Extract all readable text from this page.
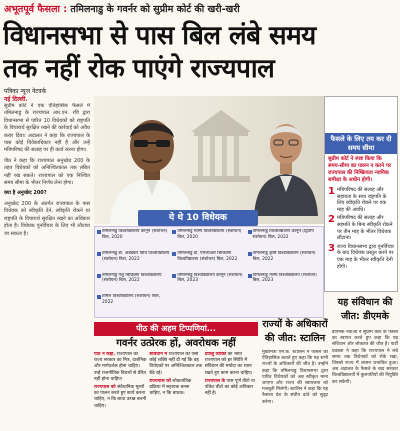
अभूतपूर्व फैसला : तमिलनाडु के गवर्नर को सुप्रीम कोर्ट की खरी-खरी
विधानसभा से पास बिल लंबे समय
तक नहीं रोक पाएंगे राज्यपाल
पत्रिका न्यूज नेटवर्क
नई दिल्ली.

सुप्रीम कोर्ट ने एक ऐतिहासिक फैसले में तमिलनाडु के राज्यपाल आर.एन. रवि द्वारा विधानसभा से पारित 10 विधेयकों को राष्ट्रपति के विचारार्थ सुरक्षित रखने की कार्रवाई को अवैध करार दिया। अदालत ने कहा कि राज्यपाल के पास कोई विवेकाधिकार नहीं है और उन्हें मंत्रिपरिषद की सलाह पर ही कार्य करना होगा।

पीठ ने कहा कि राज्यपाल अनुच्छेद 200 के तहत विधेयकों को अनिश्चितकाल तक लंबित नहीं रख सकते। राज्यपाल को एक निश्चित समय सीमा के भीतर निर्णय लेना होगा।

क्या है अनुच्छेद 200?

अनुच्छेद 200 के अंतर्गत राज्यपाल के पास विधेयक को स्वीकृति देने, स्वीकृति रोकने या राष्ट्रपति के विचारार्थ सुरक्षित रखने का अधिकार होता है। विधेयक पुनर्विचार के लिए भी लौटाया जा सकता है।

फैसले के लिए तय कर दी समय सीमा
सुप्रीम कोर्ट ने स्पष्ट किया कि समय-सीमा का पालन न करने पर राज्यपाल की निष्क्रियता न्यायिक समीक्षा के अधीन होगी।
1 मंत्रिपरिषद की सलाह और सहायता के साथ राष्ट्रपति के लिए स्वीकृति रोकने पर एक माह की अवधि।
2 मंत्रिपरिषद की सलाह और सहमति के बिना स्वीकृति रोकने पर तीन माह के भीतर विधेयक लौटाना।
3 राज्य विधानसभा द्वारा पुनर्विचार के बाद विधेयक प्रस्तुत करने पर एक माह के भीतर स्वीकृति देनी होगी।
ये थे 10 विधेयक
तमिलनाडु विश्वविद्यालय कानून (संशोधन) बिल, 2020
तमिलनाडु मत्स्य विश्वविद्यालय (संशोधन) बिल, 2020
तमिलनाडु विश्वविद्यालय कानून (द्वितीय संशोधन) बिल, 2022
तमिलनाडु डॉ. अंबेडकर विधि विश्वविद्यालय (संशोधन) बिल, 2022
तमिलनाडु डॉ. एमजीआर चिकित्सा विश्वविद्यालय (संशोधन) बिल, 2022
तमिलनाडु कृषि विश्वविद्यालय (संशोधन) बिल, 2022
तमिलनाडु पशु चिकित्सा विश्वविद्यालय (संशोधन) बिल, 2022
तमिलनाडु विश्वविद्यालय कानून (संशोधन) बिल, 2023
तमिलनाडु मत्स्य विश्वविद्यालय (संशोधन) बिल, 2023
तमिल विश्वविद्यालय (संशोधन) बिल, 2022
पीठ की अहम टिप्पणियां...
गवर्नर उत्प्रेरक हों, अवरोधक नहीं

पीठ ने कहा, राज्यपाल को राज्य सरकार का मित्र, दार्शनिक और मार्गदर्शक होना चाहिए। उन्हें राजनीतिक विचारों से प्रेरित नहीं होना चाहिए।

राज्यपाल को संवैधानिक मूल्यों का पालन करते हुए कार्य करना चाहिए, न कि बाधा उत्पन्न करनी चाहिए।

संविधान में राज्यपाल को ऐसी कोई शक्ति नहीं दी गई कि वह विधेयकों पर अनिश्चितकाल तक बैठे रहें।

राज्यपाल को लोकतांत्रिक प्रक्रिया में सहायक बनना चाहिए, न कि बाधक।

दयालु व्यक्ति की भांति राज्यपाल को हर स्थिति में संविधान की मर्यादा का ध्यान रखते हुए काम करना चाहिए।

राज्यपाल के पास पूर्ण वीटो या पॉकेट वीटो का कोई अधिकार नहीं है।

राज्यों के अधिकारों की जीत: स्टालिन
मुख्यमंत्री एम.के. स्टालिन ने फैसले को ऐतिहासिक बताते हुए कहा कि यह सभी राज्यों के अधिकारों की जीत है। उन्होंने कहा कि तमिलनाडु विधानसभा द्वारा पारित विधेयकों को अब स्वीकृत माना जाएगा और राज्य की स्वायत्तता को मजबूती मिलेगी। स्टालिन ने कहा कि यह फैसला देश के संघीय ढांचे को सुदृढ़ करेगा।
यह संविधान की जीत: डीएमके
डीएमके नेताओं ने सुप्रीम कोर्ट के फैसले का स्वागत करते हुए कहा कि यह संविधान और लोकतंत्र की जीत है। पार्टी प्रवक्ता ने कहा कि राज्यपाल ने लंबे समय तक विधेयकों को रोके रखा, जिससे राज्य में शासन प्रभावित हुआ। अब अदालत के फैसले के बाद सरकार विश्वविद्यालयों में कुलपतियों की नियुक्ति कर सकेगी।
